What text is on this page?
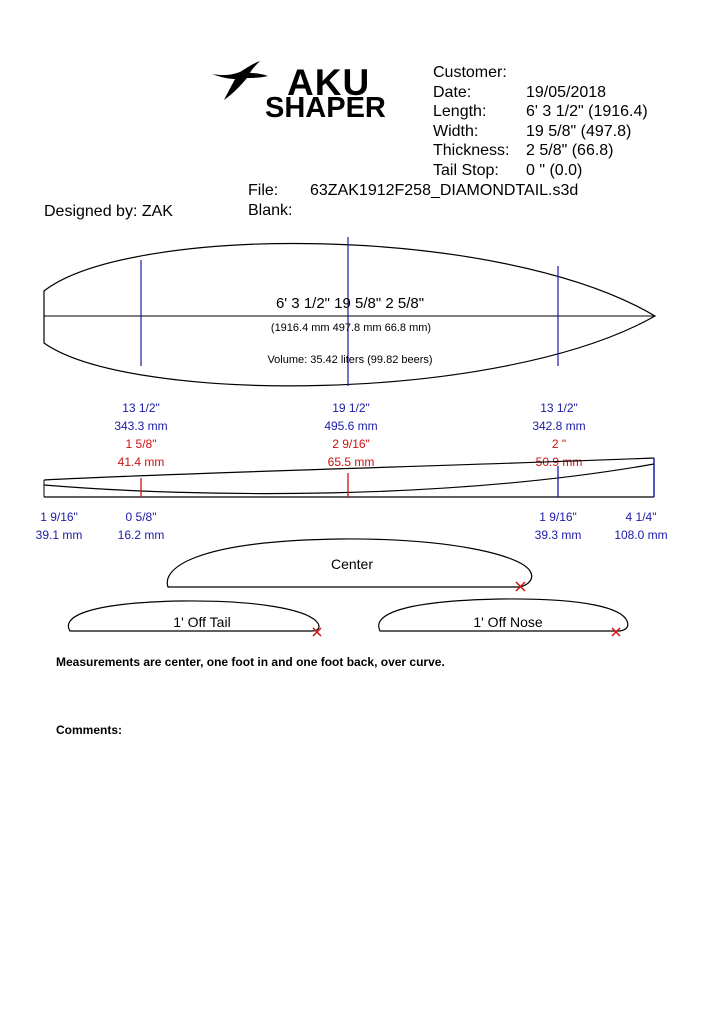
AKU
SHAPER
Customer:
Date:
Length:
Width:
Thickness:
Tail Stop:
19/05/2018
6' 3 1/2" (1916.4)
19 5/8" (497.8)
2 5/8" (66.8)
0 " (0.0)
File: 63ZAK1912F258_DIAMONDTAIL.s3d
Blank:
Designed by: ZAK
6' 3 1/2" 19 5/8" 2 5/8"
(1916.4 mm 497.8 mm 66.8 mm)
Volume: 35.42 liters (99.82 beers)
13 1/2"
343.3 mm
19 1/2"
495.6 mm
13 1/2"
342.8 mm
1 5/8"
41.4 mm
2 9/16"
65.5 mm
2 "
50.9 mm
1 9/16"
39.1 mm
0 5/8"
16.2 mm
1 9/16"
39.3 mm
4 1/4"
108.0 mm
Center
1' Off Tail	1' Off Nose
Measurements are center, one foot in and one foot back, over curve.
Comments:
